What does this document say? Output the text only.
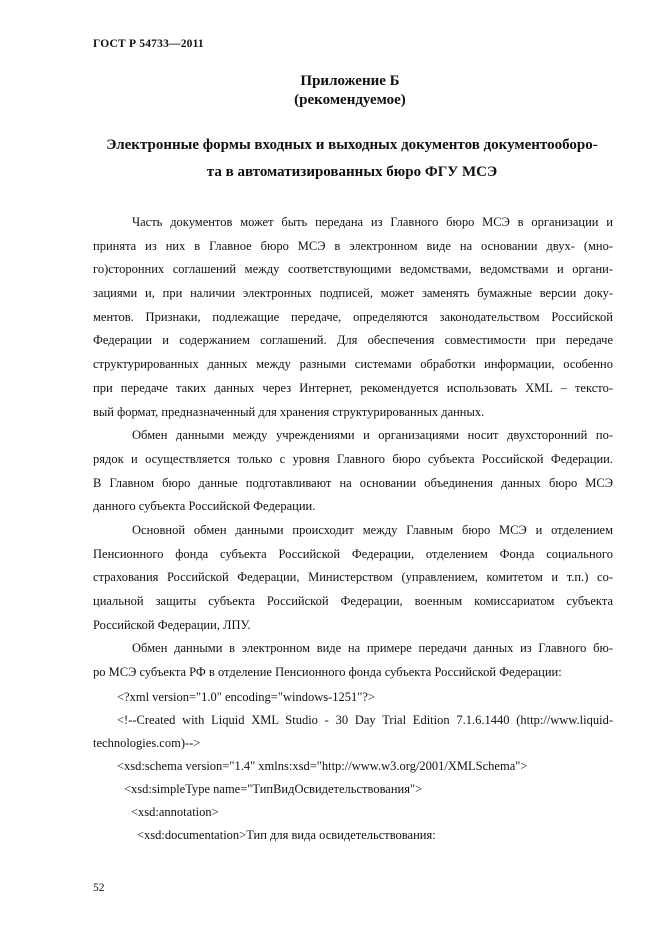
ГОСТ Р 54733—2011
Приложение Б
(рекомендуемое)
Электронные формы входных и выходных документов документооборо-
та в автоматизированных бюро ФГУ МСЭ
Часть документов может быть передана из Главного бюро МСЭ в организации и
принята из них в Главное бюро МСЭ в электронном виде на основании двух- (мно-
го)сторонних соглашений между соответствующими ведомствами, ведомствами и органи-
зациями и, при наличии электронных подписей, может заменять бумажные версии доку-
ментов. Признаки, подлежащие передаче, определяются законодательством Российской
Федерации и содержанием соглашений. Для обеспечения совместимости при передаче
структурированных данных между разными системами обработки информации, особенно
при передаче таких данных через Интернет, рекомендуется использовать XML – тексто-
вый формат, предназначенный для хранения структурированных данных.
Обмен данными между учреждениями и организациями носит двухсторонний по-
рядок и осуществляется только с уровня Главного бюро субъекта Российской Федерации.
В Главном бюро данные подготавливают на основании объединения данных бюро МСЭ
данного субъекта Российской Федерации.
Основной обмен данными происходит между Главным бюро МСЭ и отделением
Пенсионного фонда субъекта Российской Федерации, отделением Фонда социального
страхования Российской Федерации, Министерством (управлением, комитетом и т.п.) со-
циальной защиты субъекта Российской Федерации, военным комиссариатом субъекта
Российской Федерации, ЛПУ.
Обмен данными в электронном виде на примере передачи данных из Главного бю-
ро МСЭ субъекта РФ в отделение Пенсионного фонда субъекта Российской Федерации:
<?xml version="1.0" encoding="windows-1251"?>
<!--Created with Liquid XML Studio - 30 Day Trial Edition 7.1.6.1440 (http://www.liquid-
technologies.com)-->
<xsd:schema version="1.4" xmlns:xsd="http://www.w3.org/2001/XMLSchema">
<xsd:simpleType name="ТипВидОсвидетельствования">
<xsd:annotation>
<xsd:documentation>Тип для вида освидетельствования:
52
